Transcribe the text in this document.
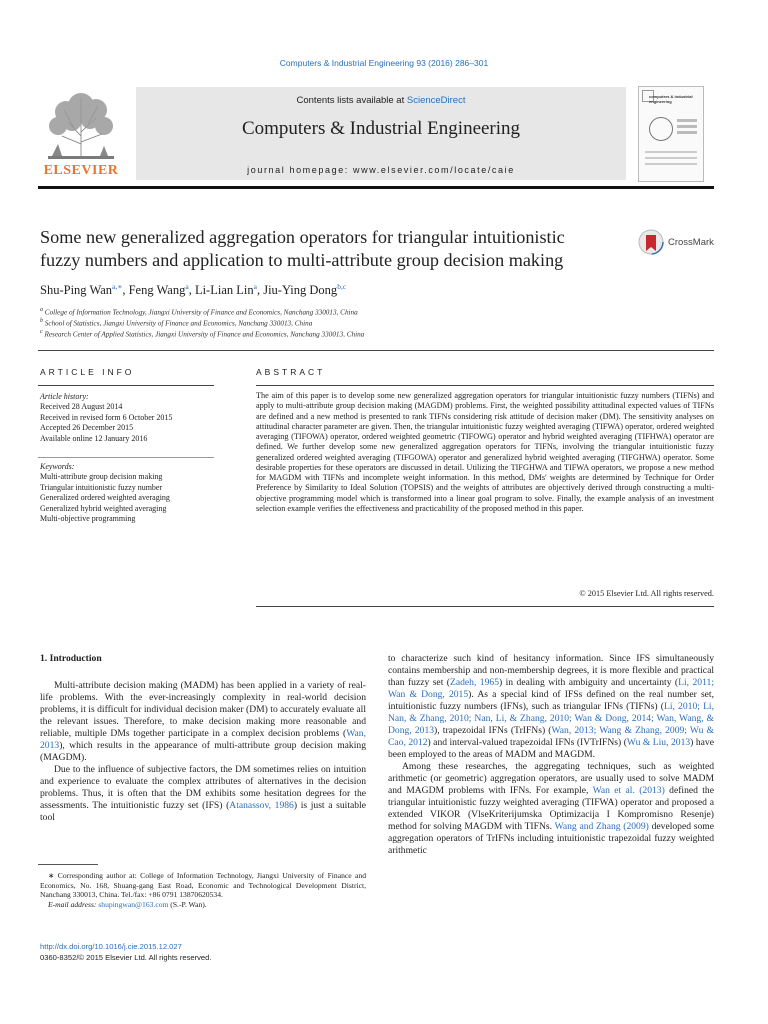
Computers & Industrial Engineering 93 (2016) 286–301
ELSEVIER
Contents lists available at ScienceDirect
Computers & Industrial Engineering
journal homepage: www.elsevier.com/locate/caie
computers & industrial engineering
Some new generalized aggregation operators for triangular intuitionistic
fuzzy numbers and application to multi-attribute group decision making
CrossMark
Shu-Ping Wan$^{a,∗}$, Feng Wang$^a$, Li-Lian Lin$^a$, Jiu-Ying Dong$^{b,c}$
$^a$ College of Information Technology, Jiangxi University of Finance and Economics, Nanchang 330013, China
$^b$ School of Statistics, Jiangxi University of Finance and Economics, Nanchang 330013, China
$^c$ Research Center of Applied Statistics, Jiangxi University of Finance and Economics, Nanchang 330013, China
ARTICLE INFO
Article history:
Received 28 August 2014
Received in revised form 6 October 2015
Accepted 26 December 2015
Available online 12 January 2016
Keywords:
Multi-attribute group decision making
Triangular intuitionistic fuzzy number
Generalized ordered weighted averaging
Generalized hybrid weighted averaging
Multi-objective programming
ABSTRACT
The aim of this paper is to develop some new generalized aggregation operators for triangular intuitionistic fuzzy numbers (TIFNs) and apply to multi-attribute group decision making (MAGDM) problems. First, the weighted possibility attitudinal expected values of TIFNs are defined and a new method is presented to rank TIFNs considering risk attitude of decision maker (DM). The sensitivity analyses on attitudinal character parameter are given. Then, the triangular intuitionistic fuzzy weighted averaging (TIFWA) operator, ordered weighted averaging (TIFOWA) operator, ordered weighted geometric (TIFOWG) operator and hybrid weighted averaging (TIFHWA) operator are defined. We further develop some new generalized aggregation operators for TIFNs, involving the triangular intuitionistic fuzzy generalized ordered weighted averaging (TIFGOWA) operator and generalized hybrid weighted averaging (TIFGHWA) operator. Some desirable properties for these operators are discussed in detail. Utilizing the TIFGHWA and TIFWA operators, we propose a new method for MAGDM with TIFNs and incomplete weight information. In this method, DMs' weights are determined by Technique for Order Preference by Similarity to Ideal Solution (TOPSIS) and the weights of attributes are objectively derived through constructing a multi-objective programming model which is transformed into a linear goal program to solve. Finally, the example analysis of an investment selection example verifies the effectiveness and practicability of the proposed method in this paper.
© 2015 Elsevier Ltd. All rights reserved.
1. Introduction

Multi-attribute decision making (MADM) has been applied in a variety of real-life problems. With the ever-increasingly complexity in real-world decision problems, it is difficult for individual decision maker (DM) to accurately evaluate all the relevant issues. Therefore, to make decision making more reasonable and reliable, multiple DMs together participate in a complex decision problems (Wan, 2013), which results in the appearance of multi-attribute group decision making (MAGDM).

Due to the influence of subjective factors, the DM sometimes relies on intuition and experience to evaluate the complex attributes of alternatives in the decision problems. Thus, it is often that the DM exhibits some hesitation degrees for the assessments. The intuitionistic fuzzy set (IFS) (Atanassov, 1986) is just a suitable tool

to characterize such kind of hesitancy information. Since IFS simultaneously contains membership and non-membership degrees, it is more flexible and practical than fuzzy set (Zadeh, 1965) in dealing with ambiguity and uncertainty (Li, 2011; Wan & Dong, 2015). As a special kind of IFSs defined on the real number set, intuitionistic fuzzy numbers (IFNs), such as triangular IFNs (TIFNs) (Li, 2010; Li, Nan, & Zhang, 2010; Nan, Li, & Zhang, 2010; Wan & Dong, 2014; Wan, Wang, & Dong, 2013), trapezoidal IFNs (TrIFNs) (Wan, 2013; Wang & Zhang, 2009; Wu & Cao, 2012) and interval-valued trapezoidal IFNs (IVTrIFNs) (Wu & Liu, 2013) have been employed to the areas of MADM and MAGDM.

Among these researches, the aggregating techniques, such as weighted arithmetic (or geometric) aggregation operators, are usually used to solve MADM and MAGDM problems with IFNs. For example, Wan et al. (2013) defined the triangular intuitionistic fuzzy weighted averaging (TIFWA) operator and proposed a extended VIKOR (VlseKriterijumska Optimizacija I Kompromisno Resenje) method for solving MAGDM with TIFNs. Wang and Zhang (2009) developed some aggregation operators of TrIFNs including intuitionistic trapezoidal fuzzy weighted arithmetic

∗ Corresponding author at: College of Information Technology, Jiangxi University of Finance and Economics, No. 168, Shuang-gang East Road, Economic and Technological Development District, Nanchang 330013, China. Tel./fax: +86 0791 13870620534.
E-mail address: shupingwan@163.com (S.-P. Wan).
http://dx.doi.org/10.1016/j.cie.2015.12.027
0360-8352/© 2015 Elsevier Ltd. All rights reserved.
